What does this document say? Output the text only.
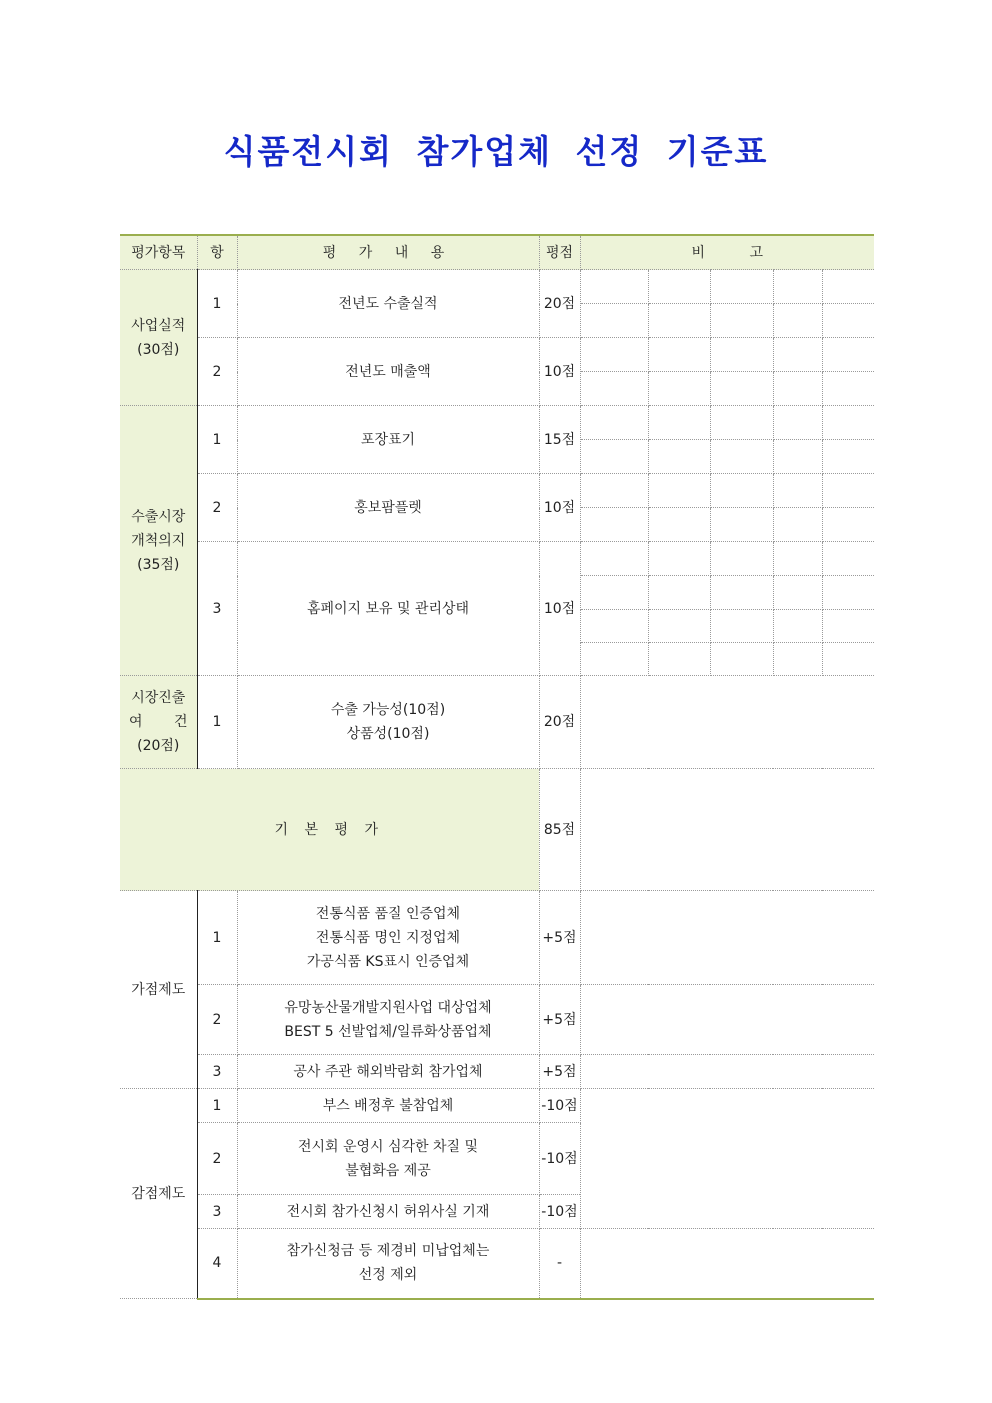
식품전시회 참가업체 선정 기준표
평가항목	항	평 가 내 용	평점	비 고				

사업실적
(30점)	1	전년도 수출실적	20점					

	2	전년도 매출액	10점					

수출시장
개척의지
(35점)	1	포장표기	15점					

	2	홍보팜플렛	10점					

	3	홈페이지 보유 및 관리상태	10점					

시장진출
여 건
(20점)	1	수출 가능성(10점)
상품성(10점)	20점					
기 본 평 가			85점					
가점제도	1	전통식품 품질 인증업체
전통식품 명인 지정업체
가공식품 KS표시 인증업체	+5점					
	2	유망농산물개발지원사업 대상업체
BEST 5 선발업체/일류화상품업체	+5점					
	3	공사 주관 해외박람회 참가업체	+5점					
감점제도	1	부스 배정후 불참업체	-10점					
	2	전시회 운영시 심각한 차질 및
불협화음 제공	-10점					
	3	전시회 참가신청시 허위사실 기재	-10점					
	4	참가신청금 등 제경비 미납업체는
선정 제외	-					
